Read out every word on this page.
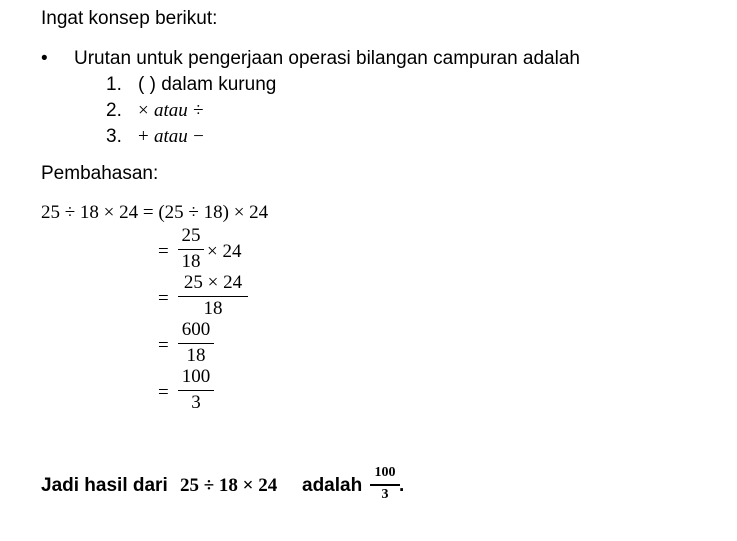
Ingat konsep berikut:
• Urutan untuk pengerjaan operasi bilangan campuran adalah
1. ( ) dalam kurung
2. × atau ÷
3. + atau −
Pembahasan:
25 ÷ 18 × 24 = (25 ÷ 18) × 24
=
25
18 × 24
=
25 × 24
18
=
600
18
=
100
3
Jadi hasil dari 25 ÷ 18 × 24 adalah
100
3 .
